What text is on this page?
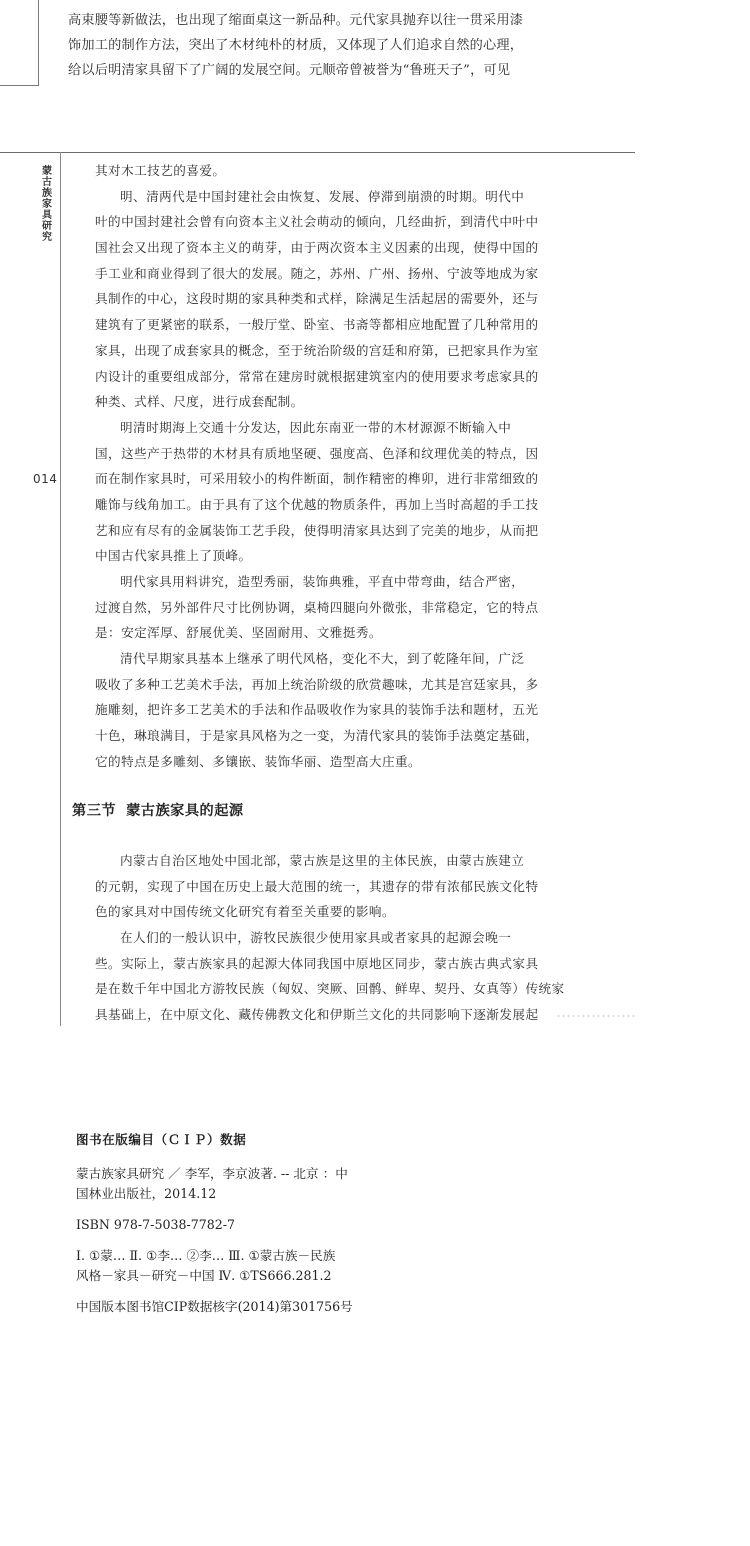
高束腰等新做法，也出现了缩面桌这一新品种。元代家具抛弃以往一贯采用漆
饰加工的制作方法，突出了木材纯朴的材质，又体现了人们追求自然的心理，
给以后明清家具留下了广阔的发展空间。元顺帝曾被誉为“鲁班天子”，可见
蒙古族家具研究
014
其对木工技艺的喜爱。
明、清两代是中国封建社会由恢复、发展、停滞到崩溃的时期。明代中
叶的中国封建社会曾有向资本主义社会萌动的倾向，几经曲折，到清代中叶中
国社会又出现了资本主义的萌芽，由于两次资本主义因素的出现，使得中国的
手工业和商业得到了很大的发展。随之，苏州、广州、扬州、宁波等地成为家
具制作的中心，这段时期的家具种类和式样，除满足生活起居的需要外，还与
建筑有了更紧密的联系，一般厅堂、卧室、书斋等都相应地配置了几种常用的
家具，出现了成套家具的概念，至于统治阶级的宫廷和府第，已把家具作为室
内设计的重要组成部分，常常在建房时就根据建筑室内的使用要求考虑家具的
种类、式样、尺度，进行成套配制。
明清时期海上交通十分发达，因此东南亚一带的木材源源不断输入中
国，这些产于热带的木材具有质地坚硬、强度高、色泽和纹理优美的特点，因
而在制作家具时，可采用较小的构件断面，制作精密的榫卯，进行非常细致的
雕饰与线角加工。由于具有了这个优越的物质条件，再加上当时高超的手工技
艺和应有尽有的金属装饰工艺手段，使得明清家具达到了完美的地步，从而把
中国古代家具推上了顶峰。
明代家具用料讲究，造型秀丽，装饰典雅，平直中带弯曲，结合严密，
过渡自然，另外部件尺寸比例协调，桌椅四腿向外微张，非常稳定，它的特点
是：安定浑厚、舒展优美、坚固耐用、文雅挺秀。
清代早期家具基本上继承了明代风格，变化不大，到了乾隆年间，广泛
吸收了多种工艺美术手法，再加上统治阶级的欣赏趣味，尤其是宫廷家具，多
施雕刻，把许多工艺美术的手法和作品吸收作为家具的装饰手法和题材，五光
十色，琳琅满目，于是家具风格为之一变，为清代家具的装饰手法奠定基础，
它的特点是多雕刻、多镶嵌、装饰华丽、造型高大庄重。
第三节 蒙古族家具的起源
内蒙古自治区地处中国北部，蒙古族是这里的主体民族，由蒙古族建立
的元朝，实现了中国在历史上最大范围的统一，其遗存的带有浓郁民族文化特
色的家具对中国传统文化研究有着至关重要的影响。
在人们的一般认识中，游牧民族很少使用家具或者家具的起源会晚一
些。实际上，蒙古族家具的起源大体同我国中原地区同步，蒙古族古典式家具
是在数千年中国北方游牧民族（匈奴、突厥、回鹘、鲜卑、契丹、女真等）传统家
具基础上，在中原文化、藏传佛教文化和伊斯兰文化的共同影响下逐渐发展起
图书在版编目（ＣＩＰ）数据
蒙古族家具研究 ／ 李军，李京波著. -- 北京 ：中
国林业出版社，2014.12
ISBN 978-7-5038-7782-7
Ⅰ. ①蒙… Ⅱ. ①李… ②李… Ⅲ. ①蒙古族－民族
风格－家具－研究－中国 Ⅳ. ①TS666.281.2
中国版本图书馆CIP数据核字(2014)第301756号
